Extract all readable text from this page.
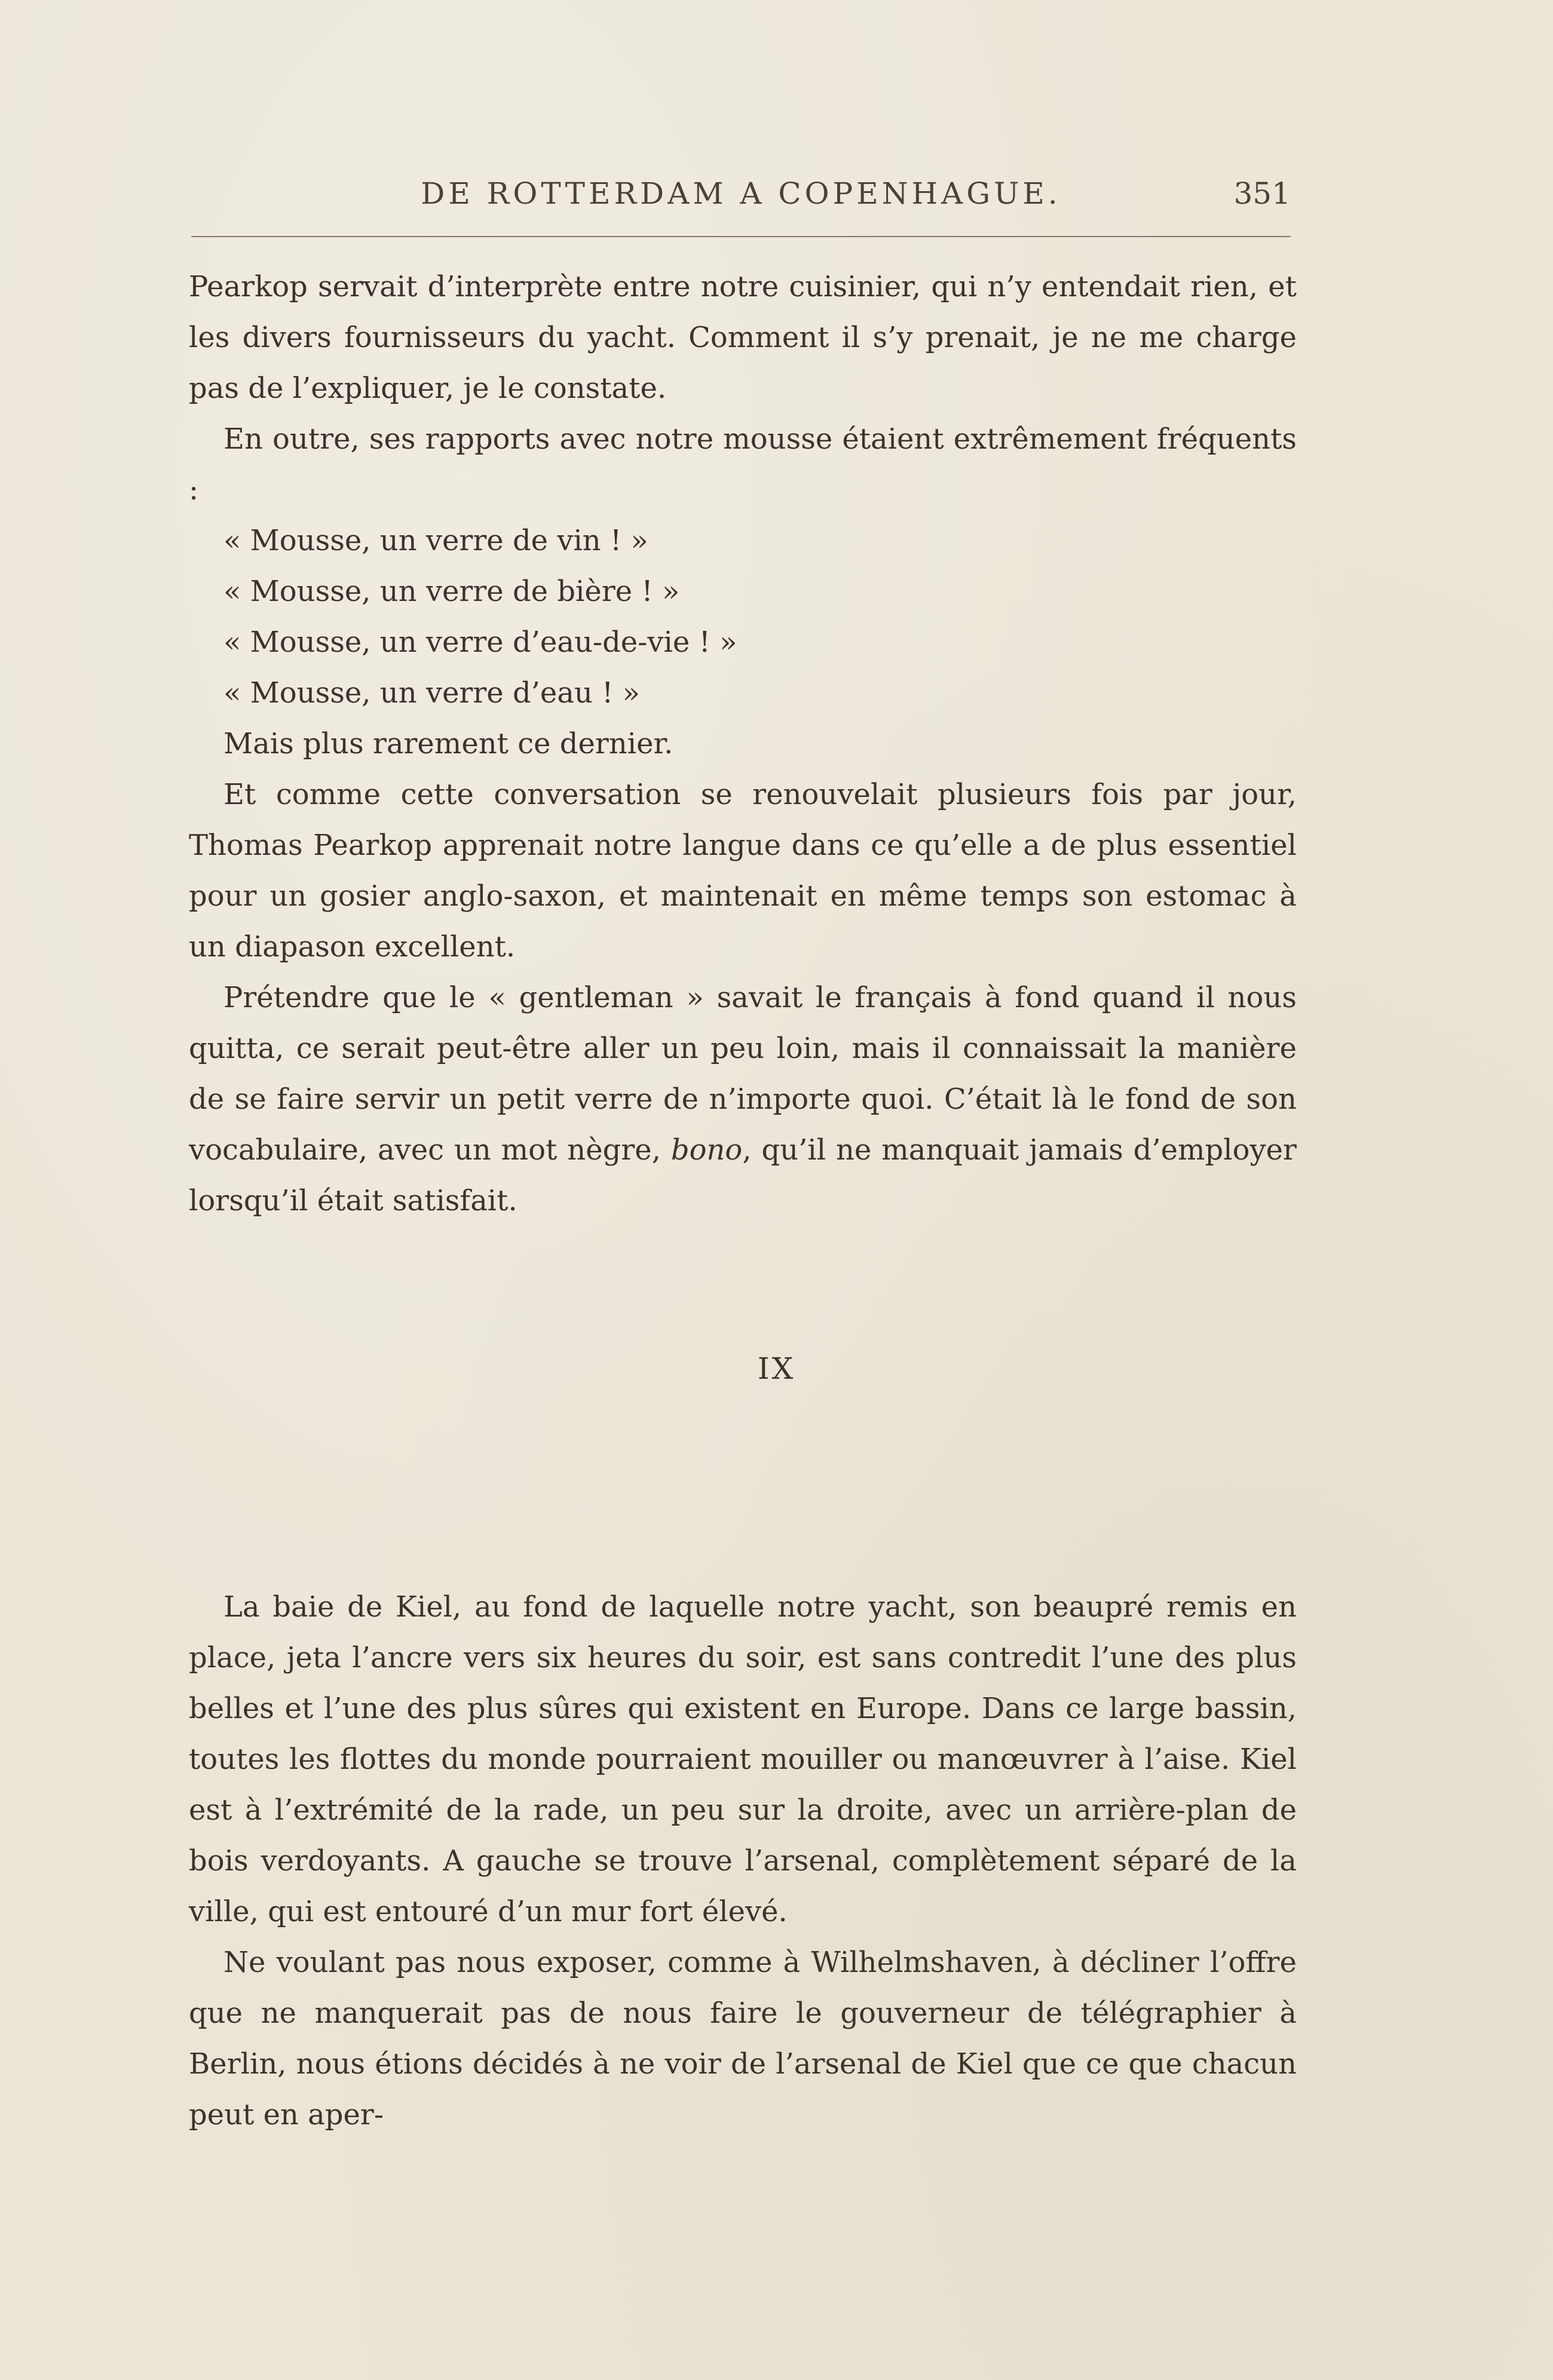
DE ROTTERDAM A COPENHAGUE.	351

Pearkop servait d’interprète entre notre cuisinier, qui n’y entendait rien, et les divers fournisseurs du yacht. Comment il s’y prenait, je ne me charge pas de l’expliquer, je le constate.

En outre, ses rapports avec notre mousse étaient extrêmement fréquents :

« Mousse, un verre de vin ! »

« Mousse, un verre de bière ! »

« Mousse, un verre d’eau-de-vie ! »

« Mousse, un verre d’eau ! »

Mais plus rarement ce dernier.

Et comme cette conversation se renouvelait plusieurs fois par jour, Thomas Pearkop apprenait notre langue dans ce qu’elle a de plus essentiel pour un gosier anglo-saxon, et maintenait en même temps son estomac à un diapason excellent.

Prétendre que le « gentleman » savait le français à fond quand il nous quitta, ce serait peut-être aller un peu loin, mais il connaissait la manière de se faire servir un petit verre de n’importe quoi. C’était là le fond de son vocabulaire, avec un mot nègre, bono, qu’il ne manquait jamais d’employer lorsqu’il était satisfait.

IX

La baie de Kiel, au fond de laquelle notre yacht, son beaupré remis en place, jeta l’ancre vers six heures du soir, est sans contredit l’une des plus belles et l’une des plus sûres qui existent en Europe. Dans ce large bassin, toutes les flottes du monde pourraient mouiller ou manœuvrer à l’aise. Kiel est à l’extrémité de la rade, un peu sur la droite, avec un arrière-plan de bois verdoyants. A gauche se trouve l’arsenal, complètement séparé de la ville, qui est entouré d’un mur fort élevé.

Ne voulant pas nous exposer, comme à Wilhelmshaven, à décliner l’offre que ne manquerait pas de nous faire le gouverneur de télégraphier à Berlin, nous étions décidés à ne voir de l’arsenal de Kiel que ce que chacun peut en aper-
